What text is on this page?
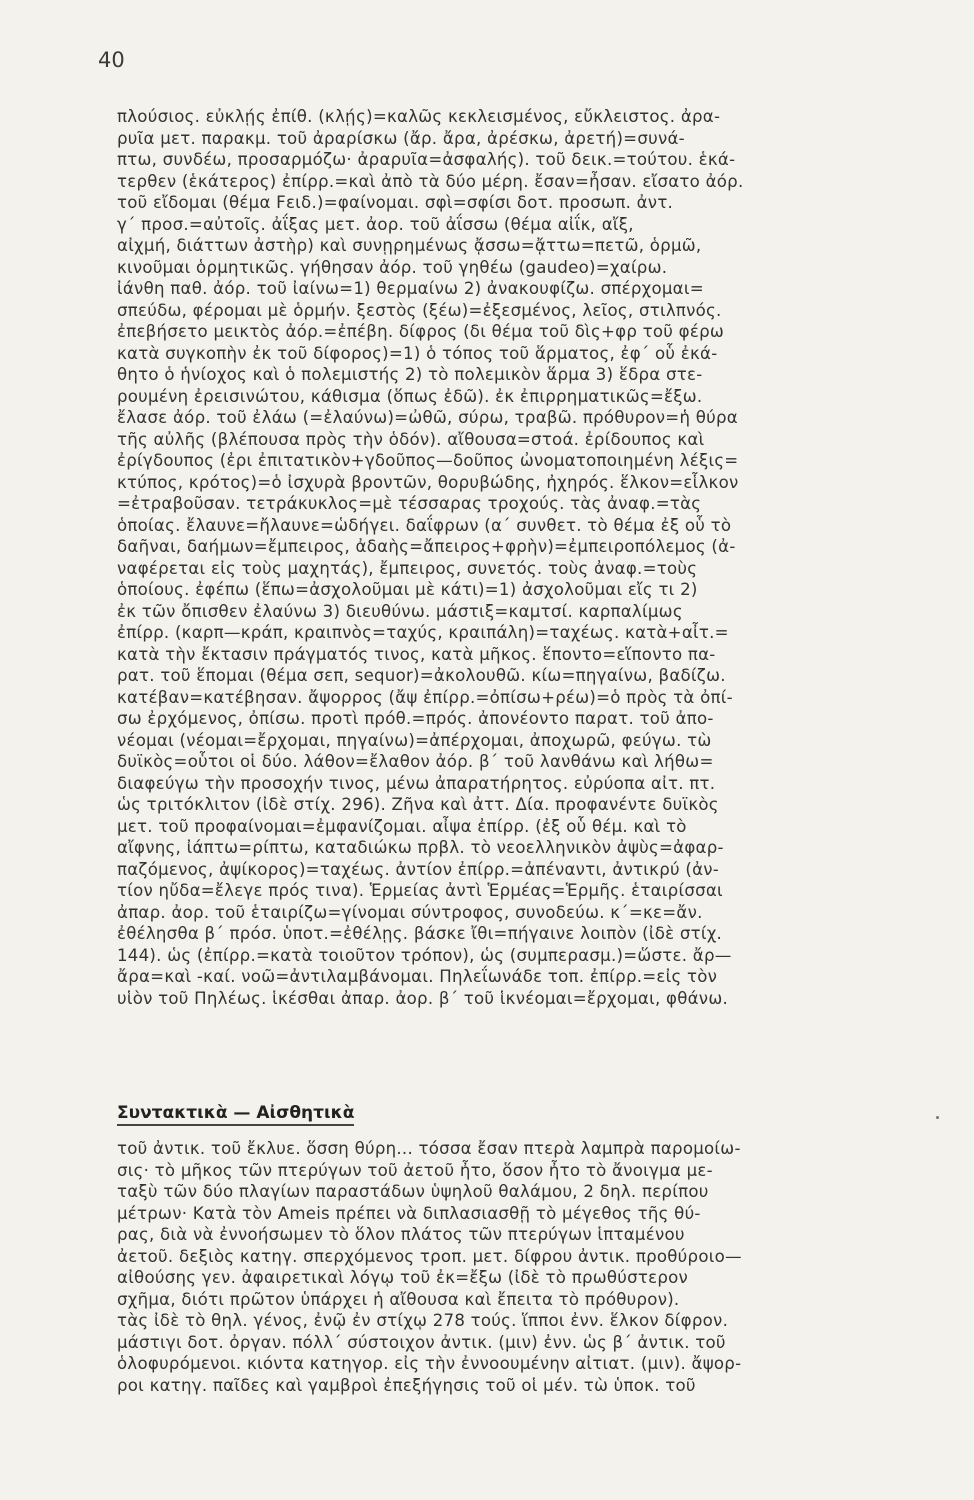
40
πλούσιος. εὐκλῄς ἐπίθ. (κλῄς)=καλῶς κεκλεισμένος, εὔκλειστος. ἀρα-
ρυῖα μετ. παρακμ. τοῦ ἀραρίσκω (ἄρ. ἄρα, ἀρέσκω, ἀρετή)=συνά-
πτω, συνδέω, προσαρμόζω· ἀραρυῖα=ἀσφαλής). τοῦ δεικ.=τούτου. ἑκά-
τερθεν (ἑκάτερος) ἐπίρρ.=καὶ ἀπὸ τὰ δύο μέρη. ἔσαν=ἦσαν. εἴσατο ἀόρ.
τοῦ εἴδομαι (θέμα Fειδ.)=φαίνομαι. σφὶ=σφίσι δοτ. προσωπ. ἀντ.
γ΄ προσ.=αὐτοῖς. ἀΐξας μετ. ἀορ. τοῦ ἀΐσσω (θέμα αἰΐκ, αἴξ,
αἰχμή, διάττων ἀστὴρ) καὶ συνῃρημένως ᾄσσω=ᾄττω=πετῶ, ὁρμῶ,
κινοῦμαι ὁρμητικῶς. γήθησαν ἀόρ. τοῦ γηθέω (gaudeo)=χαίρω.
ἰάνθη παθ. ἀόρ. τοῦ ἰαίνω=1) θερμαίνω 2) ἀνακουφίζω. σπέρχομαι=
σπεύδω, φέρομαι μὲ ὁρμήν. ξεστὸς (ξέω)=ἐξεσμένος, λεῖος, στιλπνός.
ἐπεβήσετο μεικτὸς ἀόρ.=ἐπέβη. δίφρος (δι θέμα τοῦ δὶς+φρ τοῦ φέρω
κατὰ συγκοπὴν ἐκ τοῦ δίφορος)=1) ὁ τόπος τοῦ ἅρματος, ἐφ΄ οὗ ἐκά-
θητο ὁ ἡνίοχος καὶ ὁ πολεμιστής 2) τὸ πολεμικὸν ἅρμα 3) ἕδρα στε-
ρουμένη ἐρεισινώτου, κάθισμα (ὅπως ἐδῶ). ἐκ ἐπιρρηματικῶς=ἔξω.
ἔλασε ἀόρ. τοῦ ἐλάω (=ἐλαύνω)=ὠθῶ, σύρω, τραβῶ. πρόθυρον=ἡ θύρα
τῆς αὐλῆς (βλέπουσα πρὸς τὴν ὁδόν). αἴθουσα=στοά. ἐρίδουπος καὶ
ἐρίγδουπος (ἐρι ἐπιτατικὸν+γδοῦπος—δοῦπος ὠνοματοποιημένη λέξις=
κτύπος, κρότος)=ὁ ἰσχυρὰ βροντῶν, θορυβώδης, ἠχηρός. ἕλκον=εἷλκον
=ἐτραβοῦσαν. τετράκυκλος=μὲ τέσσαρας τροχούς. τὰς ἀναφ.=τὰς
ὁποίας. ἔλαυνε=ἤλαυνε=ὡδήγει. δαΐφρων (α΄ συνθετ. τὸ θέμα ἐξ οὗ τὸ
δαῆναι, δαήμων=ἔμπειρος, ἀδαὴς=ἄπειρος+φρὴν)=ἐμπειροπόλεμος (ἀ-
ναφέρεται εἰς τοὺς μαχητάς), ἔμπειρος, συνετός. τοὺς ἀναφ.=τοὺς
ὁποίους. ἐφέπω (ἕπω=ἀσχολοῦμαι μὲ κάτι)=1) ἀσχολοῦμαι εἴς τι 2)
ἐκ τῶν ὄπισθεν ἐλαύνω 3) διευθύνω. μάστιξ=καμτσί. καρπαλίμως
ἐπίρρ. (καρπ—κράπ, κραιπνὸς=ταχύς, κραιπάλη)=ταχέως. κατὰ+αἶτ.=
κατὰ τὴν ἔκτασιν πράγματός τινος, κατὰ μῆκος. ἕποντο=εἵποντο πα-
ρατ. τοῦ ἕπομαι (θέμα σεπ, sequor)=ἀκολουθῶ. κίω=πηγαίνω, βαδίζω.
κατέβαν=κατέβησαν. ἄψορρος (ἄψ ἐπίρρ.=ὀπίσω+ρέω)=ὁ πρὸς τὰ ὀπί-
σω ἐρχόμενος, ὀπίσω. προτὶ πρόθ.=πρός. ἀπονέοντο παρατ. τοῦ ἀπο-
νέομαι (νέομαι=ἔρχομαι, πηγαίνω)=ἀπέρχομαι, ἀποχωρῶ, φεύγω. τὼ
δυϊκὸς=οὗτοι οἱ δύο. λάθον=ἔλαθον ἀόρ. β΄ τοῦ λανθάνω καὶ λήθω=
διαφεύγω τὴν προσοχήν τινος, μένω ἀπαρατήρητος. εὐρύοπα αἰτ. πτ.
ὡς τριτόκλιτον (ἰδὲ στίχ. 296). Ζῆνα καὶ ἀττ. Δία. προφανέντε δυϊκὸς
μετ. τοῦ προφαίνομαι=ἐμφανίζομαι. αἶψα ἐπίρρ. (ἐξ οὗ θέμ. καὶ τὸ
αἴφνης, ἰάπτω=ρίπτω, καταδιώκω πρβλ. τὸ νεοελληνικὸν ἀψὺς=ἀφαρ-
παζόμενος, ἀψίκορος)=ταχέως. ἀντίον ἐπίρρ.=ἀπέναντι, ἀντικρύ (ἀν-
τίον ηὔδα=ἔλεγε πρός τινα). Ἑρμείας ἀντὶ Ἑρμέας=Ἑρμῆς. ἑταιρίσσαι
ἀπαρ. ἀορ. τοῦ ἑταιρίζω=γίνομαι σύντροφος, συνοδεύω. κ΄=κε=ἄν.
ἐθέλησθα β΄ πρόσ. ὑποτ.=ἐθέλῃς. βάσκε ἴθι=πήγαινε λοιπὸν (ἰδὲ στίχ.
144). ὡς (ἐπίρρ.=κατὰ τοιοῦτον τρόπον), ὡς (συμπερασμ.)=ὥστε. ἄρ—
ἄρα=καὶ -καί. νοῶ=ἀντιλαμβάνομαι. Πηλεΐωνάδε τοπ. ἐπίρρ.=εἰς τὸν
υἱὸν τοῦ Πηλέως. ἱκέσθαι ἀπαρ. ἀορ. β΄ τοῦ ἱκνέομαι=ἔρχομαι, φθάνω.
Συντακτικὰ — Αἰσθητικὰ
τοῦ ἀντικ. τοῦ ἔκλυε. ὅσση θύρη... τόσσα ἔσαν πτερὰ λαμπρὰ παρομοίω-
σις· τὸ μῆκος τῶν πτερύγων τοῦ ἀετοῦ ἦτο, ὅσον ἦτο τὸ ἄνοιγμα με-
ταξὺ τῶν δύο πλαγίων παραστάδων ὑψηλοῦ θαλάμου, 2 δηλ. περίπου
μέτρων· Κατὰ τὸν Ameis πρέπει νὰ διπλασιασθῇ τὸ μέγεθος τῆς θύ-
ρας, διὰ νὰ ἐννοήσωμεν τὸ ὅλον πλάτος τῶν πτερύγων ἱπταμένου
ἀετοῦ. δεξιὸς κατηγ. σπερχόμενος τροπ. μετ. δίφρου ἀντικ. προθύροιο—
αἰθούσης γεν. ἀφαιρετικαὶ λόγῳ τοῦ ἐκ=ἔξω (ἰδὲ τὸ πρωθύστερον
σχῆμα, διότι πρῶτον ὑπάρχει ἡ αἴθουσα καὶ ἔπειτα τὸ πρόθυρον).
τὰς ἰδὲ τὸ θηλ. γένος, ἐνῷ ἐν στίχῳ 278 τούς. ἵπποι ἐνν. ἕλκον δίφρον.
μάστιγι δοτ. ὀργαν. πόλλ΄ σύστοιχον ἀντικ. (μιν) ἐνν. ὡς β΄ ἀντικ. τοῦ
ὁλοφυρόμενοι. κιόντα κατηγορ. εἰς τὴν ἐννοουμένην αἰτιατ. (μιν). ἄψορ-
ροι κατηγ. παῖδες καὶ γαμβροὶ ἐπεξήγησις τοῦ οἱ μέν. τὼ ὑποκ. τοῦ
